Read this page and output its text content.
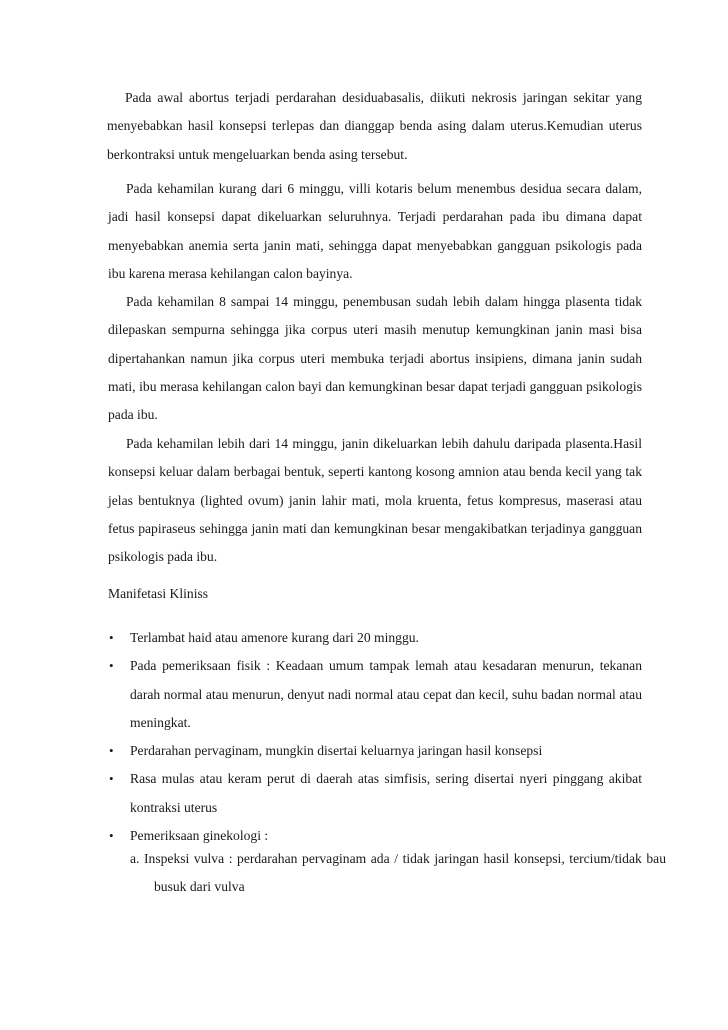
Pada awal abortus terjadi perdarahan desiduabasalis, diikuti nekrosis jaringan sekitar yang menyebabkan hasil konsepsi terlepas dan dianggap benda asing dalam uterus.Kemudian uterus berkontraksi untuk mengeluarkan benda asing tersebut.

Pada kehamilan kurang dari 6 minggu, villi kotaris belum menembus desidua secara dalam, jadi hasil konsepsi dapat dikeluarkan seluruhnya. Terjadi perdarahan pada ibu dimana dapat menyebabkan anemia serta janin mati, sehingga dapat menyebabkan gangguan psikologis pada ibu karena merasa kehilangan calon bayinya.

Pada kehamilan 8 sampai 14 minggu, penembusan sudah lebih dalam hingga plasenta tidak dilepaskan sempurna sehingga jika corpus uteri masih menutup kemungkinan janin masi bisa dipertahankan namun jika corpus uteri membuka terjadi abortus insipiens, dimana janin sudah mati, ibu merasa kehilangan calon bayi dan kemungkinan besar dapat terjadi gangguan psikologis pada ibu.

Pada kehamilan lebih dari 14 minggu, janin dikeluarkan lebih dahulu daripada plasenta.Hasil konsepsi keluar dalam berbagai bentuk, seperti kantong kosong amnion atau benda kecil yang tak jelas bentuknya (lighted ovum) janin lahir mati, mola kruenta, fetus kompresus, maserasi atau fetus papiraseus sehingga janin mati dan kemungkinan besar mengakibatkan terjadinya gangguan psikologis pada ibu.

Manifetasi Kliniss

• Terlambat haid atau amenore kurang dari 20 minggu.
• Pada pemeriksaan fisik : Keadaan umum tampak lemah atau kesadaran menurun, tekanan darah normal atau menurun, denyut nadi normal atau cepat dan kecil, suhu badan normal atau meningkat.
• Perdarahan pervaginam, mungkin disertai keluarnya jaringan hasil konsepsi
• Rasa mulas atau keram perut di daerah atas simfisis, sering disertai nyeri pinggang akibat kontraksi uterus
• Pemeriksaan ginekologi :

a. Inspeksi vulva : perdarahan pervaginam ada / tidak jaringan hasil konsepsi, tercium/tidak bau busuk dari vulva
